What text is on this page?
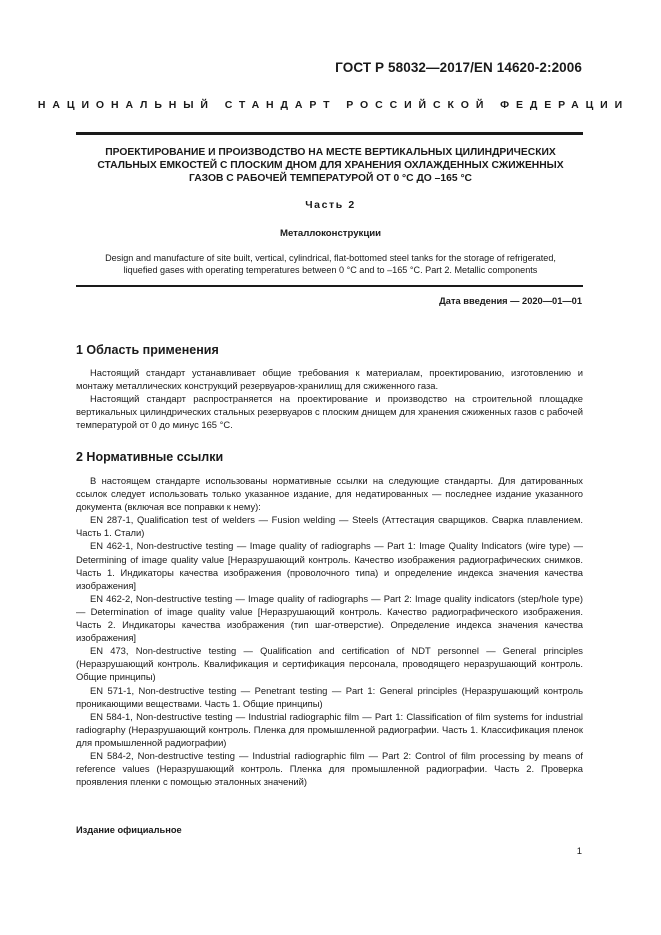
ГОСТ Р 58032—2017/EN 14620-2:2006
НАЦИОНАЛЬНЫЙ СТАНДАРТ РОССИЙСКОЙ ФЕДЕРАЦИИ
ПРОЕКТИРОВАНИЕ И ПРОИЗВОДСТВО НА МЕСТЕ ВЕРТИКАЛЬНЫХ ЦИЛИНДРИЧЕСКИХ
СТАЛЬНЫХ ЕМКОСТЕЙ С ПЛОСКИМ ДНОМ ДЛЯ ХРАНЕНИЯ ОХЛАЖДЕННЫХ СЖИЖЕННЫХ
ГАЗОВ С РАБОЧЕЙ ТЕМПЕРАТУРОЙ ОТ 0 °С ДО –165 °С
Часть 2
Металлоконструкции
Design and manufacture of site built, vertical, cylindrical, flat-bottomed steel tanks for the storage of refrigerated,
liquefied gases with operating temperatures between 0 °C and to –165 °C. Part 2. Metallic components
Дата введения — 2020—01—01
1 Область применения

Настоящий стандарт устанавливает общие требования к материалам, проектированию, изготовлению и монтажу металлических конструкций резервуаров-хранилищ для сжиженного газа.

Настоящий стандарт распространяется на проектирование и производство на строительной площадке вертикальных цилиндрических стальных резервуаров с плоским днищем для хранения сжиженных газов с рабочей температурой от 0 до минус 165 °С.

2 Нормативные ссылки

В настоящем стандарте использованы нормативные ссылки на следующие стандарты. Для датированных ссылок следует использовать только указанное издание, для недатированных — последнее издание указанного документа (включая все поправки к нему):

EN 287-1, Qualification test of welders — Fusion welding — Steels (Аттестация сварщиков. Сварка плавлением. Часть 1. Стали)

EN 462-1, Non-destructive testing — Image quality of radiographs — Part 1: Image Quality Indicators (wire type) — Determining of image quality value [Неразрушающий контроль. Качество изображения радиографических снимков. Часть 1. Индикаторы качества изображения (проволочного типа) и определение индекса значения качества изображения]

EN 462-2, Non-destructive testing — Image quality of radiographs — Part 2: Image quality indicators (step/hole type) — Determination of image quality value [Неразрушающий контроль. Качество радиографического изображения. Часть 2. Индикаторы качества изображения (тип шаг-отверстие). Определение индекса значения качества изображения]

EN 473, Non-destructive testing — Qualification and certification of NDT personnel — General principles (Неразрушающий контроль. Квалификация и сертификация персонала, проводящего неразрушающий контроль. Общие принципы)

EN 571-1, Non-destructive testing — Penetrant testing — Part 1: General principles (Неразрушающий контроль проникающими веществами. Часть 1. Общие принципы)

EN 584-1, Non-destructive testing — Industrial radiographic film — Part 1: Classification of film systems for industrial radiography (Неразрушающий контроль. Пленка для промышленной радиографии. Часть 1. Классификация пленок для промышленной радиографии)

EN 584-2, Non-destructive testing — Industrial radiographic film — Part 2: Control of film processing by means of reference values (Неразрушающий контроль. Пленка для промышленной радиографии. Часть 2. Проверка проявления пленки с помощью эталонных значений)

Издание официальное
1
